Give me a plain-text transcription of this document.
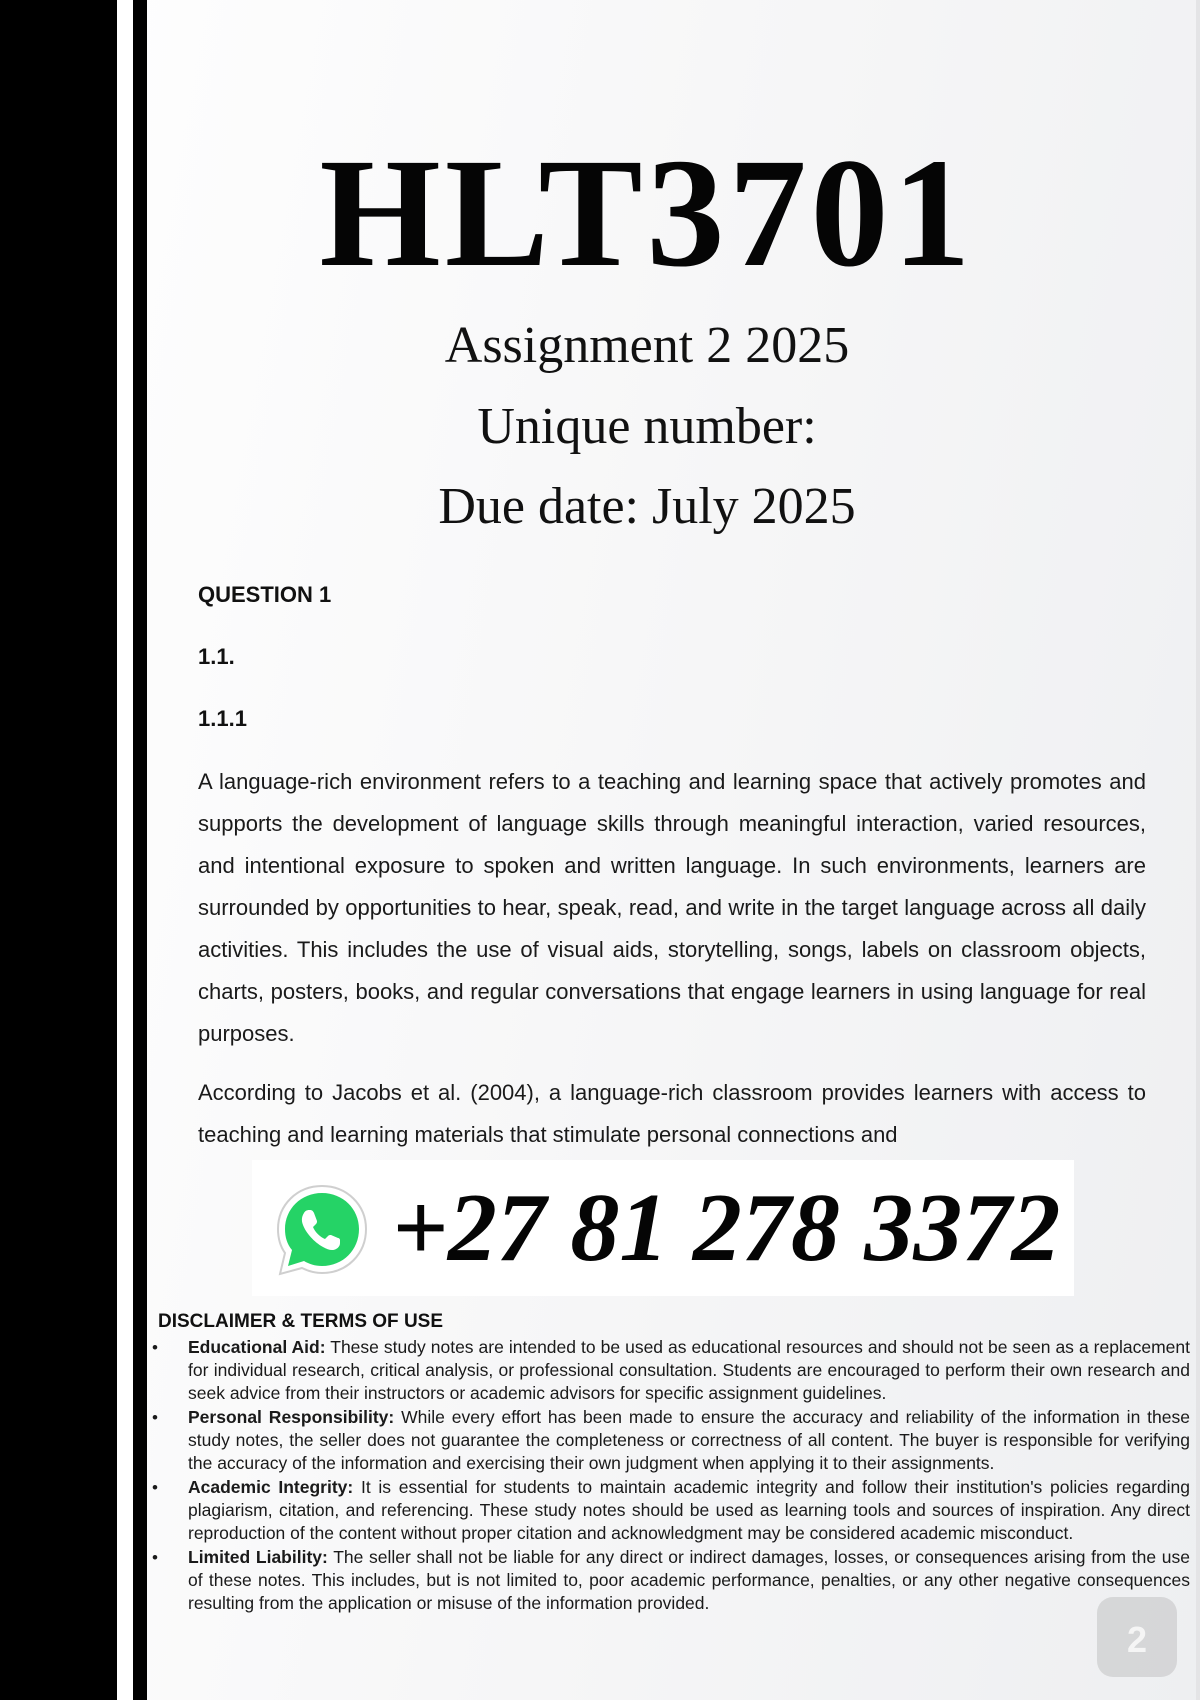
HLT3701
Assignment 2 2025
Unique number:
Due date: July 2025
QUESTION 1
1.1.
1.1.1

A language-rich environment refers to a teaching and learning space that actively promotes and supports the development of language skills through meaningful interaction, varied resources, and intentional exposure to spoken and written language. In such environments, learners are surrounded by opportunities to hear, speak, read, and write in the target language across all daily activities. This includes the use of visual aids, storytelling, songs, labels on classroom objects, charts, posters, books, and regular conversations that engage learners in using language for real purposes.

According to Jacobs et al. (2004), a language-rich classroom provides learners with access to teaching and learning materials that stimulate personal connections and

+27 81 278 3372
DISCLAIMER & TERMS OF USE
• Educational Aid: These study notes are intended to be used as educational resources and should not be seen as a replacement for individual research, critical analysis, or professional consultation. Students are encouraged to perform their own research and seek advice from their instructors or academic advisors for specific assignment guidelines.
• Personal Responsibility: While every effort has been made to ensure the accuracy and reliability of the information in these study notes, the seller does not guarantee the completeness or correctness of all content. The buyer is responsible for verifying the accuracy of the information and exercising their own judgment when applying it to their assignments.
• Academic Integrity: It is essential for students to maintain academic integrity and follow their institution's policies regarding plagiarism, citation, and referencing. These study notes should be used as learning tools and sources of inspiration. Any direct reproduction of the content without proper citation and acknowledgment may be considered academic misconduct.
• Limited Liability: The seller shall not be liable for any direct or indirect damages, losses, or consequences arising from the use of these notes. This includes, but is not limited to, poor academic performance, penalties, or any other negative consequences resulting from the application or misuse of the information provided.
2
